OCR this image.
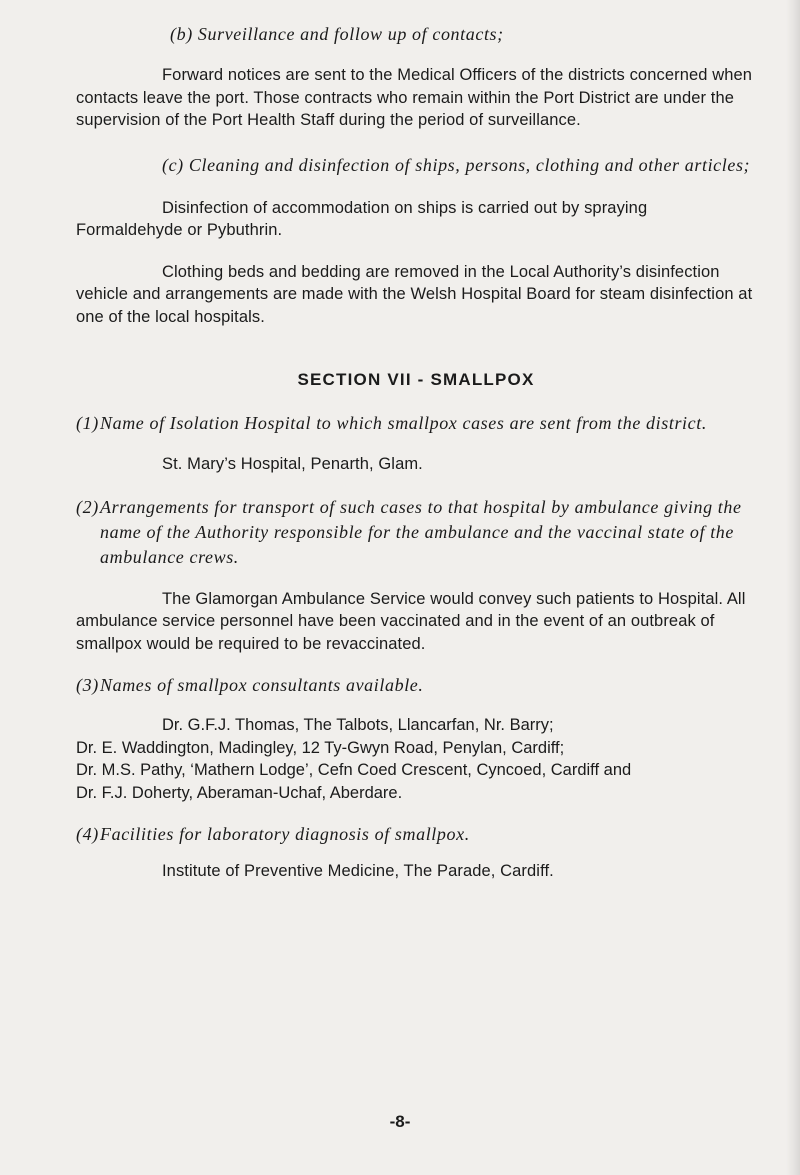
(b) Surveillance and follow up of contacts;

Forward notices are sent to the Medical Officers of the districts concerned when contacts leave the port. Those contracts who remain within the Port District are under the supervision of the Port Health Staff during the period of surveillance.

(c) Cleaning and disinfection of ships, persons, clothing and other articles;

Disinfection of accommodation on ships is carried out by spraying Formaldehyde or Pybuthrin.

Clothing beds and bedding are removed in the Local Authority’s disinfection vehicle and arrangements are made with the Welsh Hospital Board for steam disinfection at one of the local hospitals.

SECTION VII - SMALLPOX

(1) Name of Isolation Hospital to which smallpox cases are sent from the district.

St. Mary’s Hospital, Penarth, Glam.

(2) Arrangements for transport of such cases to that hospital by ambulance giving the name of the Authority responsible for the ambulance and the vaccinal state of the ambulance crews.

The Glamorgan Ambulance Service would convey such patients to Hospital. All ambulance service personnel have been vaccinated and in the event of an outbreak of smallpox would be required to be revaccinated.

(3) Names of smallpox consultants available.

Dr. G.F.J. Thomas, The Talbots, Llancarfan, Nr. Barry;

Dr. E. Waddington, Madingley, 12 Ty-Gwyn Road, Penylan, Cardiff;

Dr. M.S. Pathy, ‘Mathern Lodge’, Cefn Coed Crescent, Cyncoed, Cardiff and

Dr. F.J. Doherty, Aberaman-Uchaf, Aberdare.

(4) Facilities for laboratory diagnosis of smallpox.

Institute of Preventive Medicine, The Parade, Cardiff.

-8-
